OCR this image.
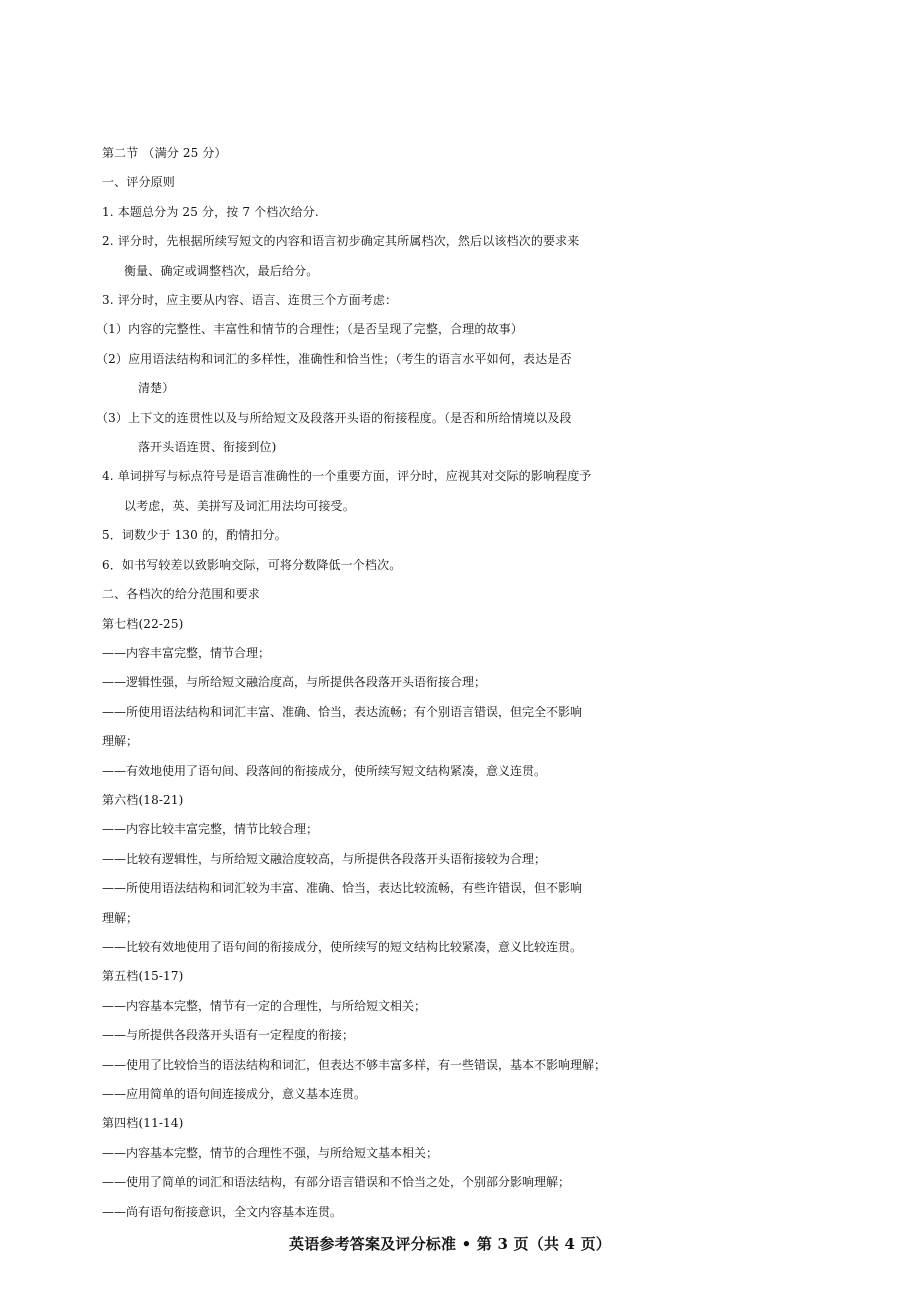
第二节 （满分 25 分）
一、评分原则
1. 本题总分为 25 分，按 7 个档次给分.
2. 评分时，先根据所续写短文的内容和语言初步确定其所属档次，然后以该档次的要求来
衡量、确定或调整档次，最后给分。
3. 评分时，应主要从内容、语言、连贯三个方面考虑：
（1）内容的完整性、丰富性和情节的合理性；（是否呈现了完整，合理的故事）
（2）应用语法结构和词汇的多样性，准确性和恰当性；（考生的语言水平如何，表达是否
清楚）
（3）上下文的连贯性以及与所给短文及段落开头语的衔接程度。（是否和所给情境以及段
落开头语连贯、衔接到位)
4. 单词拼写与标点符号是语言准确性的一个重要方面，评分时，应视其对交际的影响程度予
以考虑，英、美拼写及词汇用法均可接受。
5．词数少于 130 的，酌情扣分。
6．如书写较差以致影响交际，可将分数降低一个档次。
二、各档次的给分范围和要求
第七档(22-25)
——内容丰富完整，情节合理；
——逻辑性强，与所给短文融洽度高，与所提供各段落开头语衔接合理；
——所使用语法结构和词汇丰富、准确、恰当，表达流畅；有个别语言错误，但完全不影响
理解；
——有效地使用了语句间、段落间的衔接成分，使所续写短文结构紧凑，意义连贯。
第六档(18-21)
——内容比较丰富完整，情节比较合理；
——比较有逻辑性，与所给短文融洽度较高，与所提供各段落开头语衔接较为合理；
——所使用语法结构和词汇较为丰富、准确、恰当，表达比较流畅，有些许错误，但不影响
理解；
——比较有效地使用了语句间的衔接成分，使所续写的短文结构比较紧凑，意义比较连贯。
第五档(15-17)
——内容基本完整，情节有一定的合理性，与所给短文相关；
——与所提供各段落开头语有一定程度的衔接；
——使用了比较恰当的语法结构和词汇，但表达不够丰富多样，有一些错误，基本不影响理解；
——应用简单的语句间连接成分，意义基本连贯。
第四档(11-14)
——内容基本完整，情节的合理性不强，与所给短文基本相关；
——使用了简单的词汇和语法结构，有部分语言错误和不恰当之处，个别部分影响理解；
——尚有语句衔接意识，全文内容基本连贯。
英语参考答案及评分标准 • 第 3 页（共 4 页）
